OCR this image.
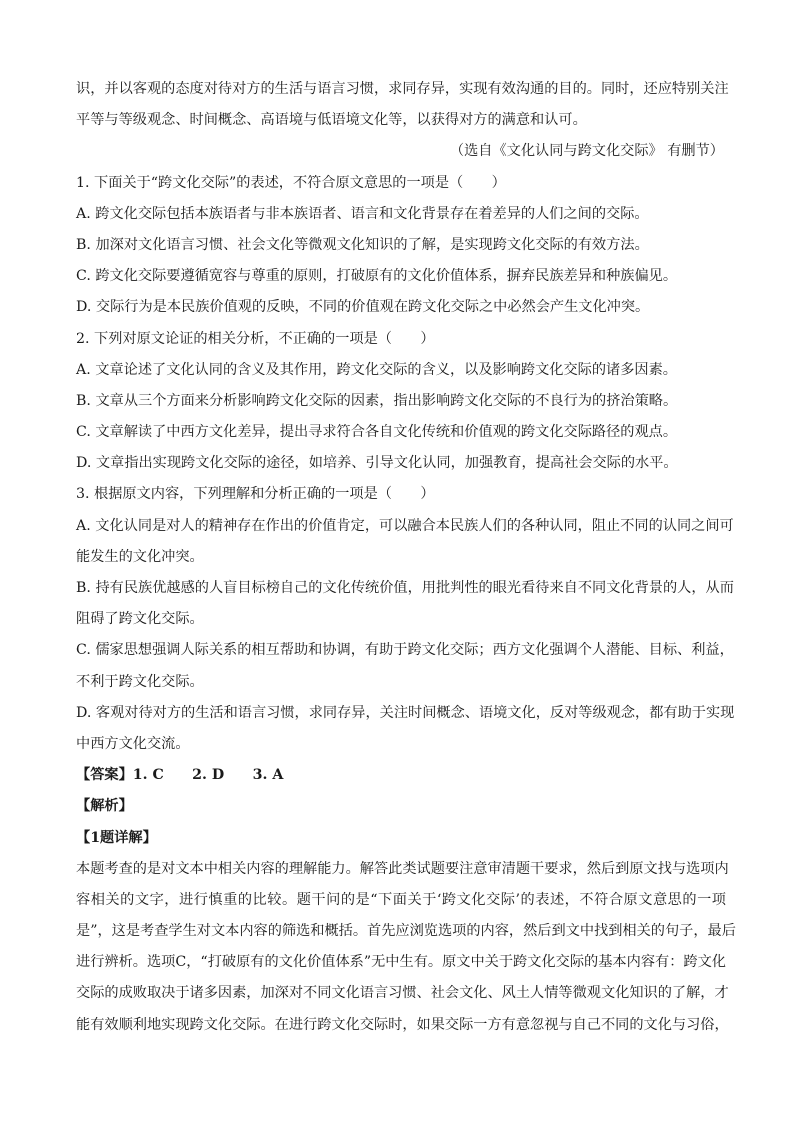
识，并以客观的态度对待对方的生活与语言习惯，求同存异，实现有效沟通的目的。同时，还应特别关注
平等与等级观念、时间概念、高语境与低语境文化等，以获得对方的满意和认可。
（选自《文化认同与跨文化交际》 有删节）
1. 下面关于“跨文化交际”的表述，不符合原文意思的一项是（　　）
A. 跨文化交际包括本族语者与非本族语者、语言和文化背景存在着差异的人们之间的交际。
B. 加深对文化语言习惯、社会文化等微观文化知识的了解，是实现跨文化交际的有效方法。
C. 跨文化交际要遵循宽容与尊重的原则，打破原有的文化价值体系，摒弃民族差异和种族偏见。
D. 交际行为是本民族价值观的反映，不同的价值观在跨文化交际之中必然会产生文化冲突。
2. 下列对原文论证的相关分析，不正确的一项是（　　）
A. 文章论述了文化认同的含义及其作用，跨文化交际的含义，以及影响跨文化交际的诸多因素。
B. 文章从三个方面来分析影响跨文化交际的因素，指出影响跨文化交际的不良行为的挤治策略。
C. 文章解读了中西方文化差异，提出寻求符合各自文化传统和价值观的跨文化交际路径的观点。
D. 文章指出实现跨文化交际的途径，如培养、引导文化认同，加强教育，提高社会交际的水平。
3. 根据原文内容，下列理解和分析正确的一项是（　　）
A. 文化认同是对人的精神存在作出的价值肯定，可以融合本民族人们的各种认同，阻止不同的认同之间可
能发生的文化冲突。
B. 持有民族优越感的人盲目标榜自己的文化传统价值，用批判性的眼光看待来自不同文化背景的人，从而
阻碍了跨文化交际。
C. 儒家思想强调人际关系的相互帮助和协调，有助于跨文化交际；西方文化强调个人潜能、目标、利益，
不利于跨文化交际。
D. 客观对待对方的生活和语言习惯，求同存异，关注时间概念、语境文化，反对等级观念，都有助于实现
中西方文化交流。
【答案】1. C　　2. D　　3. A
【解析】
【1题详解】
本题考查的是对文本中相关内容的理解能力。解答此类试题要注意审清题干要求，然后到原文找与选项内
容相关的文字，进行慎重的比较。题干问的是“下面关于‘跨文化交际’的表述，不符合原文意思的一项
是”，这是考查学生对文本内容的筛选和概括。首先应浏览选项的内容，然后到文中找到相关的句子，最后
进行辨析。选项C，“打破原有的文化价值体系”无中生有。原文中关于跨文化交际的基本内容有：跨文化
交际的成败取决于诸多因素，加深对不同文化语言习惯、社会文化、风土人情等微观文化知识的了解，才
能有效顺利地实现跨文化交际。在进行跨文化交际时，如果交际一方有意忽视与自己不同的文化与习俗，
